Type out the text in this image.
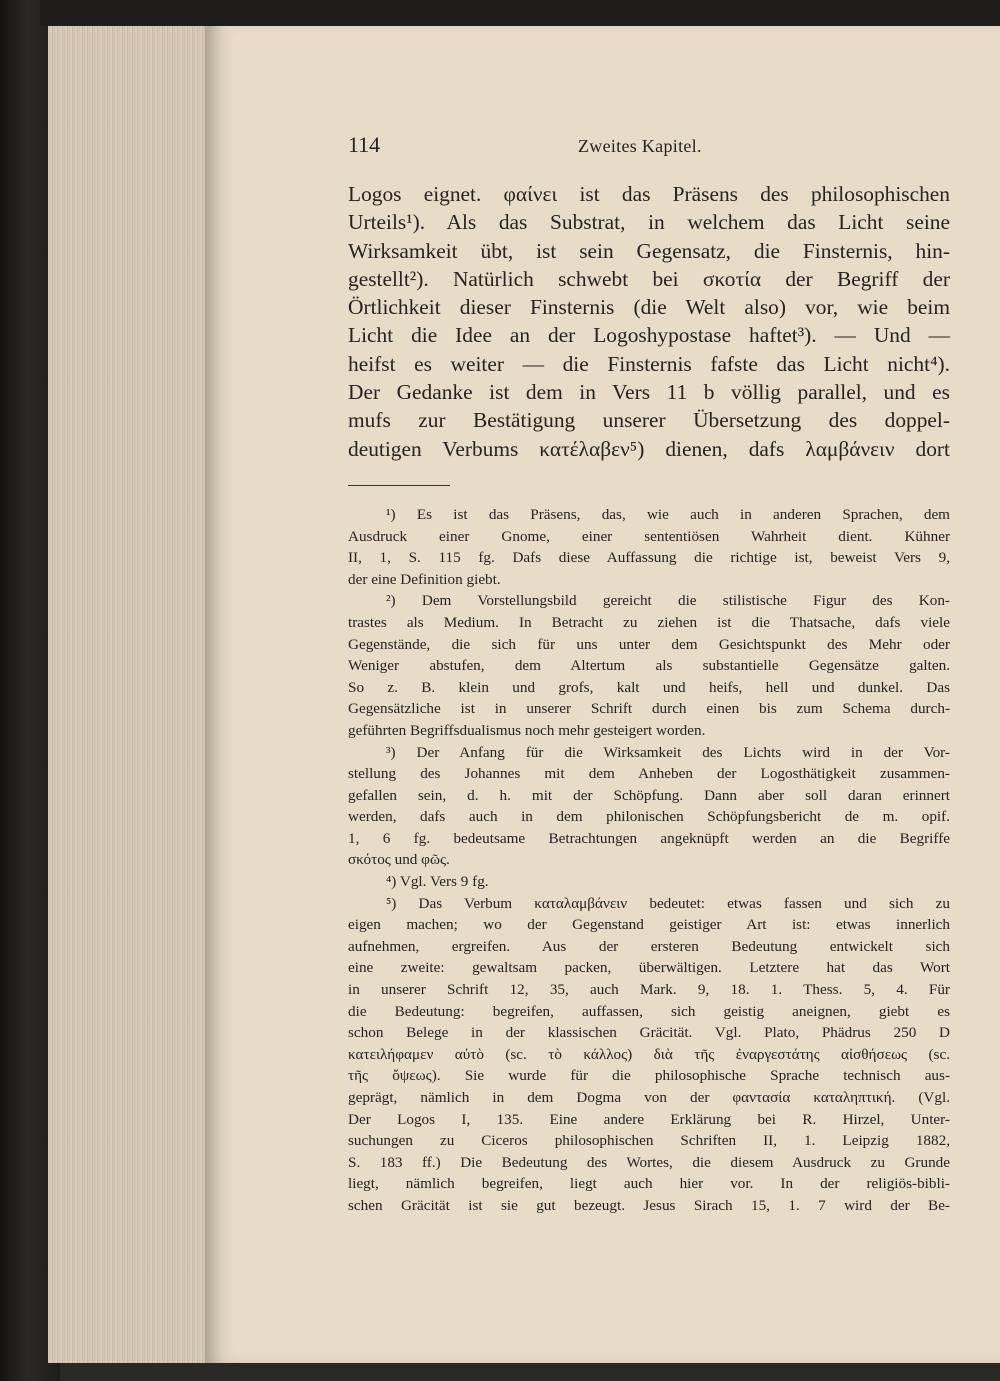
114	Zweites Kapitel.
Logos eignet. φαίνει ist das Präsens des philosophischen
Urteils¹). Als das Substrat, in welchem das Licht seine
Wirksamkeit übt, ist sein Gegensatz, die Finsternis, hin-
gestellt²). Natürlich schwebt bei σκοτία der Begriff der
Örtlichkeit dieser Finsternis (die Welt also) vor, wie beim
Licht die Idee an der Logoshypostase haftet³). — Und —
heifst es weiter — die Finsternis fafste das Licht nicht⁴).
Der Gedanke ist dem in Vers 11 b völlig parallel, und es
mufs zur Bestätigung unserer Übersetzung des doppel-
deutigen Verbums κατέλαβεν⁵) dienen, dafs λαμβάνειν dort
¹) Es ist das Präsens, das, wie auch in anderen Sprachen, dem
Ausdruck einer Gnome, einer sententiösen Wahrheit dient. Kühner
II, 1, S. 115 fg. Dafs diese Auffassung die richtige ist, beweist Vers 9,
der eine Definition giebt.
²) Dem Vorstellungsbild gereicht die stilistische Figur des Kon-
trastes als Medium. In Betracht zu ziehen ist die Thatsache, dafs viele
Gegenstände, die sich für uns unter dem Gesichtspunkt des Mehr oder
Weniger abstufen, dem Altertum als substantielle Gegensätze galten.
So z. B. klein und grofs, kalt und heifs, hell und dunkel. Das
Gegensätzliche ist in unserer Schrift durch einen bis zum Schema durch-
geführten Begriffsdualismus noch mehr gesteigert worden.
³) Der Anfang für die Wirksamkeit des Lichts wird in der Vor-
stellung des Johannes mit dem Anheben der Logosthätigkeit zusammen-
gefallen sein, d. h. mit der Schöpfung. Dann aber soll daran erinnert
werden, dafs auch in dem philonischen Schöpfungsbericht de m. opif.
1, 6 fg. bedeutsame Betrachtungen angeknüpft werden an die Begriffe
σκότος und φῶς.
⁴) Vgl. Vers 9 fg.
⁵) Das Verbum καταλαμβάνειν bedeutet: etwas fassen und sich zu
eigen machen; wo der Gegenstand geistiger Art ist: etwas innerlich
aufnehmen, ergreifen. Aus der ersteren Bedeutung entwickelt sich
eine zweite: gewaltsam packen, überwältigen. Letztere hat das Wort
in unserer Schrift 12, 35, auch Mark. 9, 18. 1. Thess. 5, 4. Für
die Bedeutung: begreifen, auffassen, sich geistig aneignen, giebt es
schon Belege in der klassischen Gräcität. Vgl. Plato, Phädrus 250 D
κατειλήφαμεν αὐτὸ (sc. τὸ κάλλος) διὰ τῆς ἐναργεστάτης αἰσθήσεως (sc.
τῆς ὄψεως). Sie wurde für die philosophische Sprache technisch aus-
geprägt, nämlich in dem Dogma von der φαντασία καταληπτική. (Vgl.
Der Logos I, 135. Eine andere Erklärung bei R. Hirzel, Unter-
suchungen zu Ciceros philosophischen Schriften II, 1. Leipzig 1882,
S. 183 ff.) Die Bedeutung des Wortes, die diesem Ausdruck zu Grunde
liegt, nämlich begreifen, liegt auch hier vor. In der religiös-bibli-
schen Gräcität ist sie gut bezeugt. Jesus Sirach 15, 1. 7 wird der Be-
